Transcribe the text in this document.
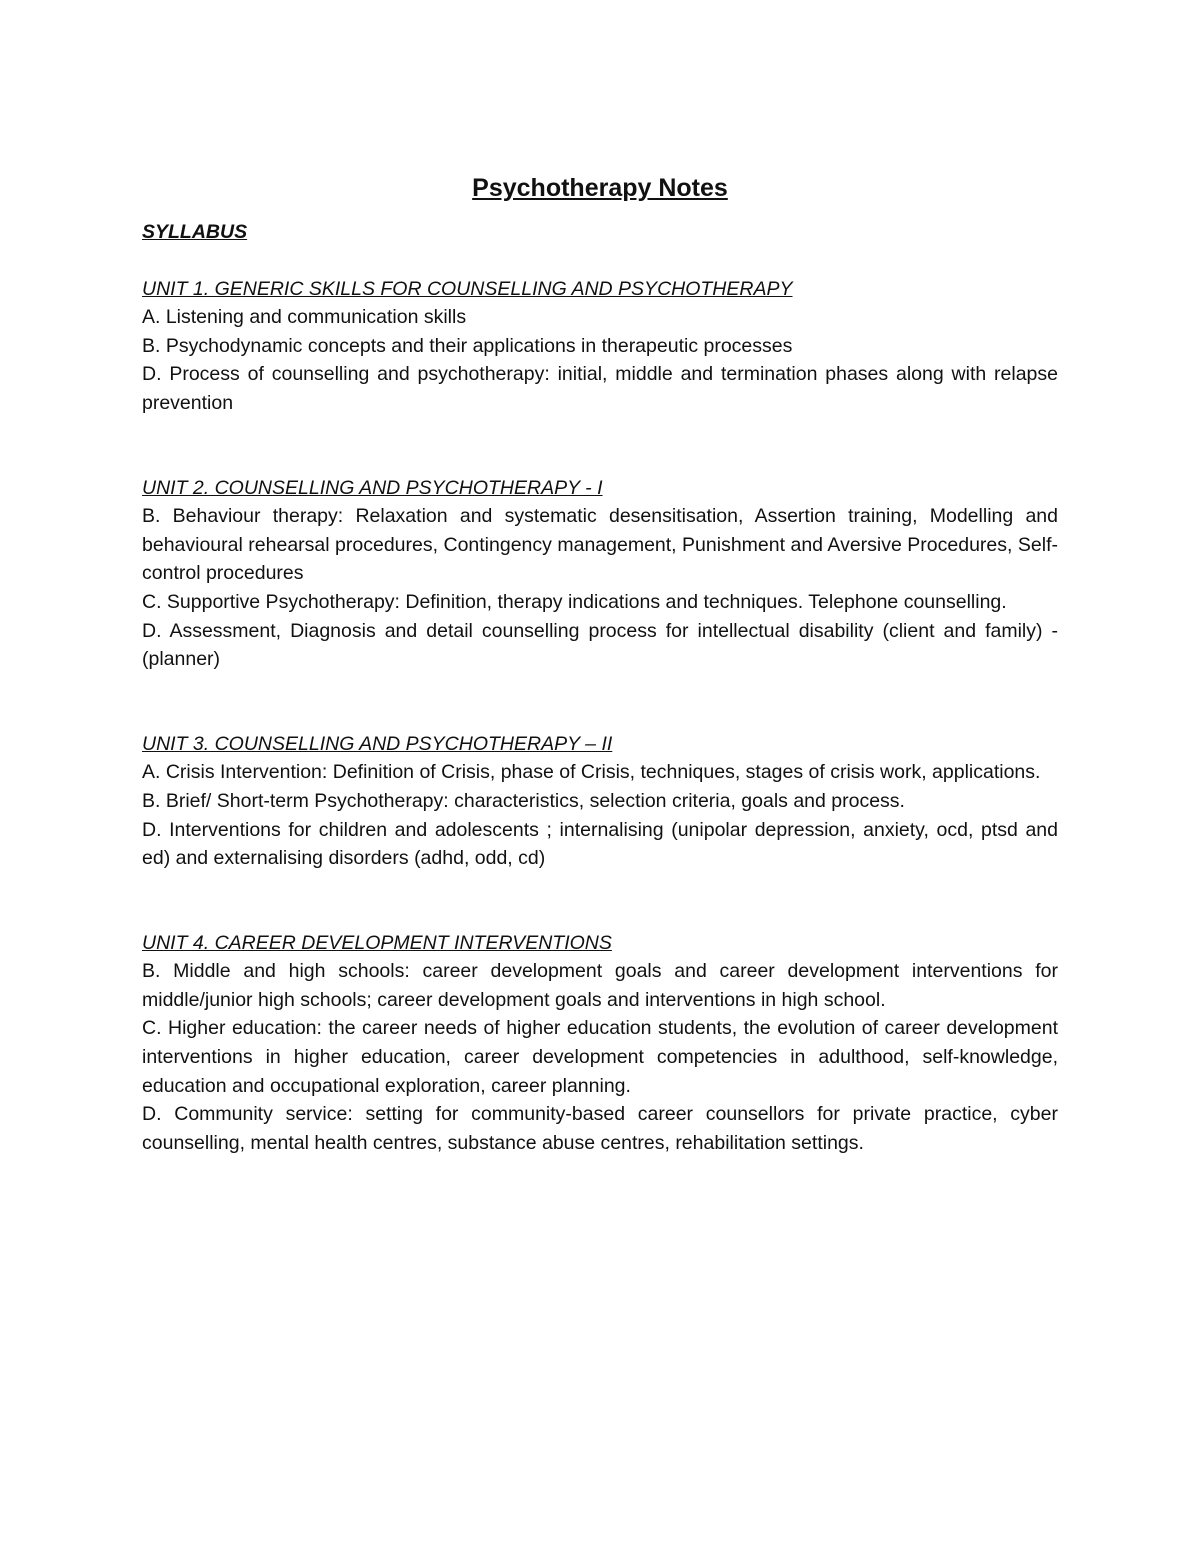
Psychotherapy Notes

SYLLABUS

UNIT 1. GENERIC SKILLS FOR COUNSELLING AND PSYCHOTHERAPY

A. Listening and communication skills

B. Psychodynamic concepts and their applications in therapeutic processes

D. Process of counselling and psychotherapy: initial, middle and termination phases along with relapse prevention

UNIT 2. COUNSELLING AND PSYCHOTHERAPY - I

B. Behaviour therapy: Relaxation and systematic desensitisation, Assertion training, Modelling and behavioural rehearsal procedures, Contingency management, Punishment and Aversive Procedures, Self-control procedures

C. Supportive Psychotherapy: Definition, therapy indications and techniques. Telephone counselling.

D. Assessment, Diagnosis and detail counselling process for intellectual disability (client and family) - (planner)

UNIT 3. COUNSELLING AND PSYCHOTHERAPY – II

A. Crisis Intervention: Definition of Crisis, phase of Crisis, techniques, stages of crisis work, applications.

B. Brief/ Short-term Psychotherapy: characteristics, selection criteria, goals and process.

D. Interventions for children and adolescents ; internalising (unipolar depression, anxiety, ocd, ptsd and ed) and externalising disorders (adhd, odd, cd)

UNIT 4. CAREER DEVELOPMENT INTERVENTIONS

B. Middle and high schools: career development goals and career development interventions for middle/junior high schools; career development goals and interventions in high school.

C. Higher education: the career needs of higher education students, the evolution of career development interventions in higher education, career development competencies in adulthood, self-knowledge, education and occupational exploration, career planning.

D. Community service: setting for community-based career counsellors for private practice, cyber counselling, mental health centres, substance abuse centres, rehabilitation settings.
